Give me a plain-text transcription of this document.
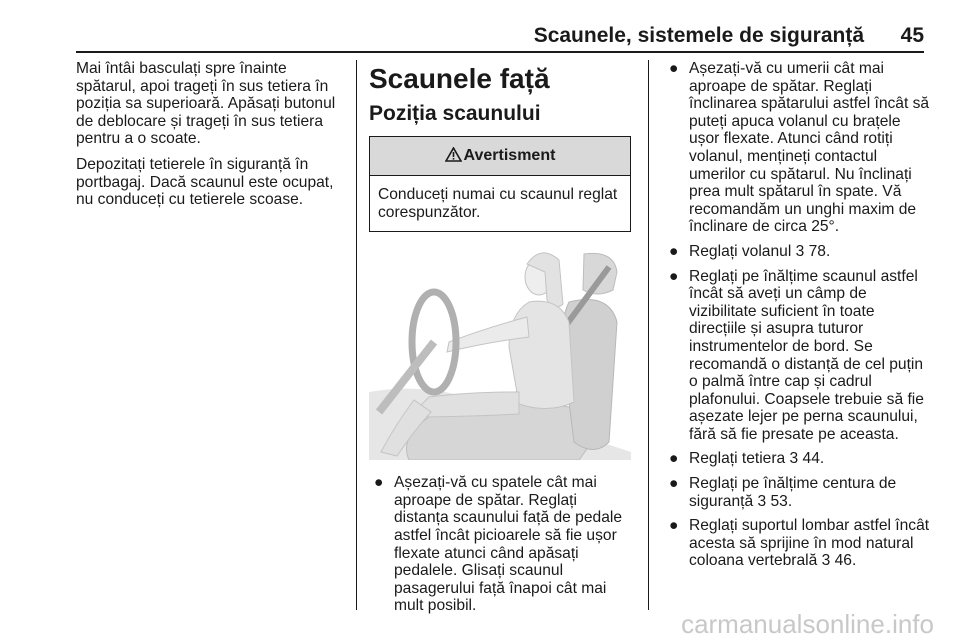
Scaunele, sistemele de siguranță 45

Mai întâi basculați spre înainte spătarul, apoi trageți în sus tetiera în poziția sa superioară. Apăsați butonul de deblocare și trageți în sus tetiera pentru a o scoate.

Depozitați tetierele în siguranță în portbagaj. Dacă scaunul este ocupat, nu conduceți cu tetierele scoase.

Scaunele față
Poziția scaunului
Avertisment
Conduceți numai cu scaunul reglat corespunzător.
● Așezați-vă cu spatele cât mai aproape de spătar. Reglați distanța scaunului față de pedale astfel încât picioarele să fie ușor flexate atunci când apăsați pedalele. Glisați scaunul pasagerului față înapoi cât mai mult posibil.
● Așezați-vă cu umerii cât mai aproape de spătar. Reglați înclinarea spătarului astfel încât să puteți apuca volanul cu brațele ușor flexate. Atunci când rotiți volanul, mențineți contactul umerilor cu spătarul. Nu înclinați prea mult spătarul în spate. Vă recomandăm un unghi maxim de înclinare de circa 25°.
● Reglați volanul 3 78.
● Reglați pe înălțime scaunul astfel încât să aveți un câmp de vizibilitate suficient în toate direcțiile și asupra tuturor instrumentelor de bord. Se recomandă o distanță de cel puțin o palmă între cap și cadrul plafonului. Coapsele trebuie să fie așezate lejer pe perna scaunului, fără să fie presate pe aceasta.
● Reglați tetiera 3 44.
● Reglați pe înălțime centura de siguranță 3 53.
● Reglați suportul lombar astfel încât acesta să sprijine în mod natural coloana vertebrală 3 46.
carmanualsonline.info
